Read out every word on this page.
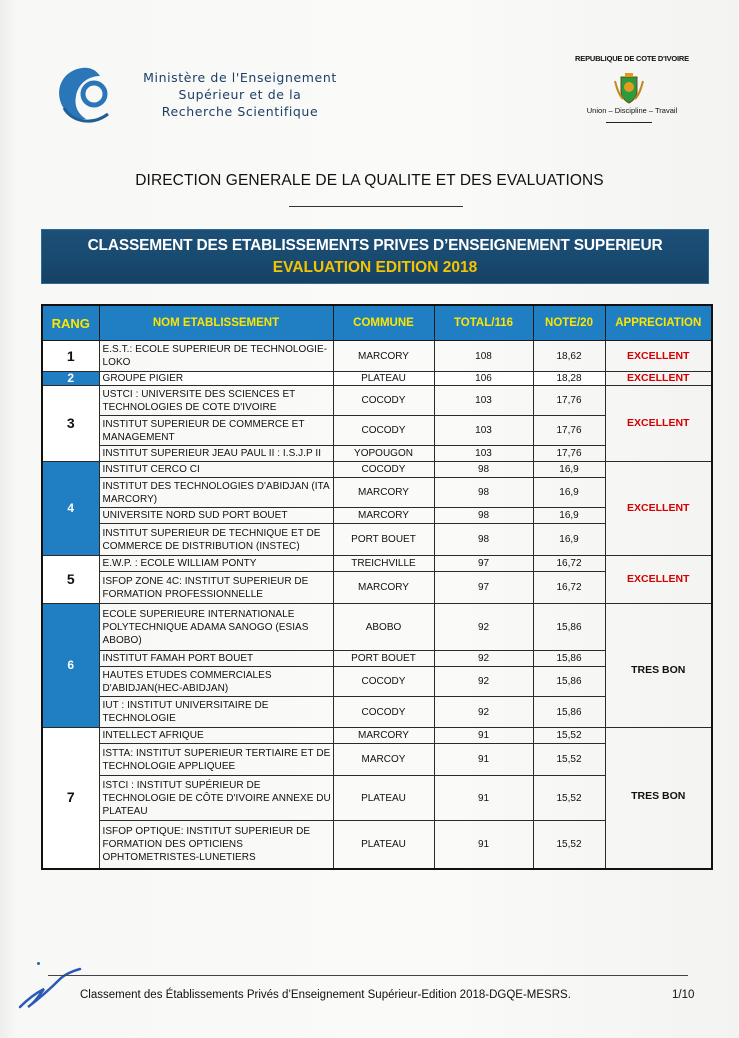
Ministère de l'Enseignement
Supérieur et de la
Recherche Scientifique
REPUBLIQUE DE COTE D'IVOIRE
Union – Discipline – Travail
DIRECTION GENERALE DE LA QUALITE ET DES EVALUATIONS
CLASSEMENT DES ETABLISSEMENTS PRIVES D’ENSEIGNEMENT SUPERIEUR
EVALUATION EDITION 2018
RANG	NOM ETABLISSEMENT	COMMUNE	TOTAL/116	NOTE/20	APPRECIATION
1	E.S.T.: ECOLE SUPERIEUR DE TECHNOLOGIE-LOKO	MARCORY	108	18,62	EXCELLENT
2	GROUPE PIGIER	PLATEAU	106	18,28	EXCELLENT
3	USTCI : UNIVERSITE DES SCIENCES ET TECHNOLOGIES DE COTE D'IVOIRE	COCODY	103	17,76	EXCELLENT
	INSTITUT SUPERIEUR DE COMMERCE ET MANAGEMENT	COCODY	103	17,76	
	INSTITUT SUPERIEUR JEAU PAUL II : I.S.J.P II	YOPOUGON	103	17,76	
4	INSTITUT CERCO CI	COCODY	98	16,9	EXCELLENT
	INSTITUT DES TECHNOLOGIES D'ABIDJAN (ITA MARCORY)	MARCORY	98	16,9	
	UNIVERSITE NORD SUD PORT BOUET	MARCORY	98	16,9	
	INSTITUT SUPERIEUR DE TECHNIQUE ET DE COMMERCE DE DISTRIBUTION (INSTEC)	PORT BOUET	98	16,9	
5	E.W.P. : ECOLE WILLIAM PONTY	TREICHVILLE	97	16,72	EXCELLENT
	ISFOP ZONE 4C: INSTITUT SUPERIEUR DE FORMATION PROFESSIONNELLE	MARCORY	97	16,72	
6	ECOLE SUPERIEURE INTERNATIONALE POLYTECHNIQUE ADAMA SANOGO (ESIAS ABOBO)	ABOBO	92	15,86	TRES BON
	INSTITUT FAMAH PORT BOUET	PORT BOUET	92	15,86	
	HAUTES ETUDES COMMERCIALES D'ABIDJAN(HEC-ABIDJAN)	COCODY	92	15,86	
	IUT : INSTITUT UNIVERSITAIRE DE TECHNOLOGIE	COCODY	92	15,86	
7	INTELLECT AFRIQUE	MARCORY	91	15,52	TRES BON
	ISTTA: INSTITUT SUPERIEUR TERTIAIRE ET DE TECHNOLOGIE APPLIQUEE	MARCOY	91	15,52	
	ISTCI : INSTITUT SUPÉRIEUR DE TECHNOLOGIE DE CÔTE D'IVOIRE ANNEXE DU PLATEAU	PLATEAU	91	15,52	
	ISFOP OPTIQUE: INSTITUT SUPERIEUR DE FORMATION DES OPTICIENS OPHTOMETRISTES-LUNETIERS	PLATEAU	91	15,52	
Classement des Établissements Privés d’Enseignement Supérieur-Edition 2018-DGQE-MESRS.	1/10
